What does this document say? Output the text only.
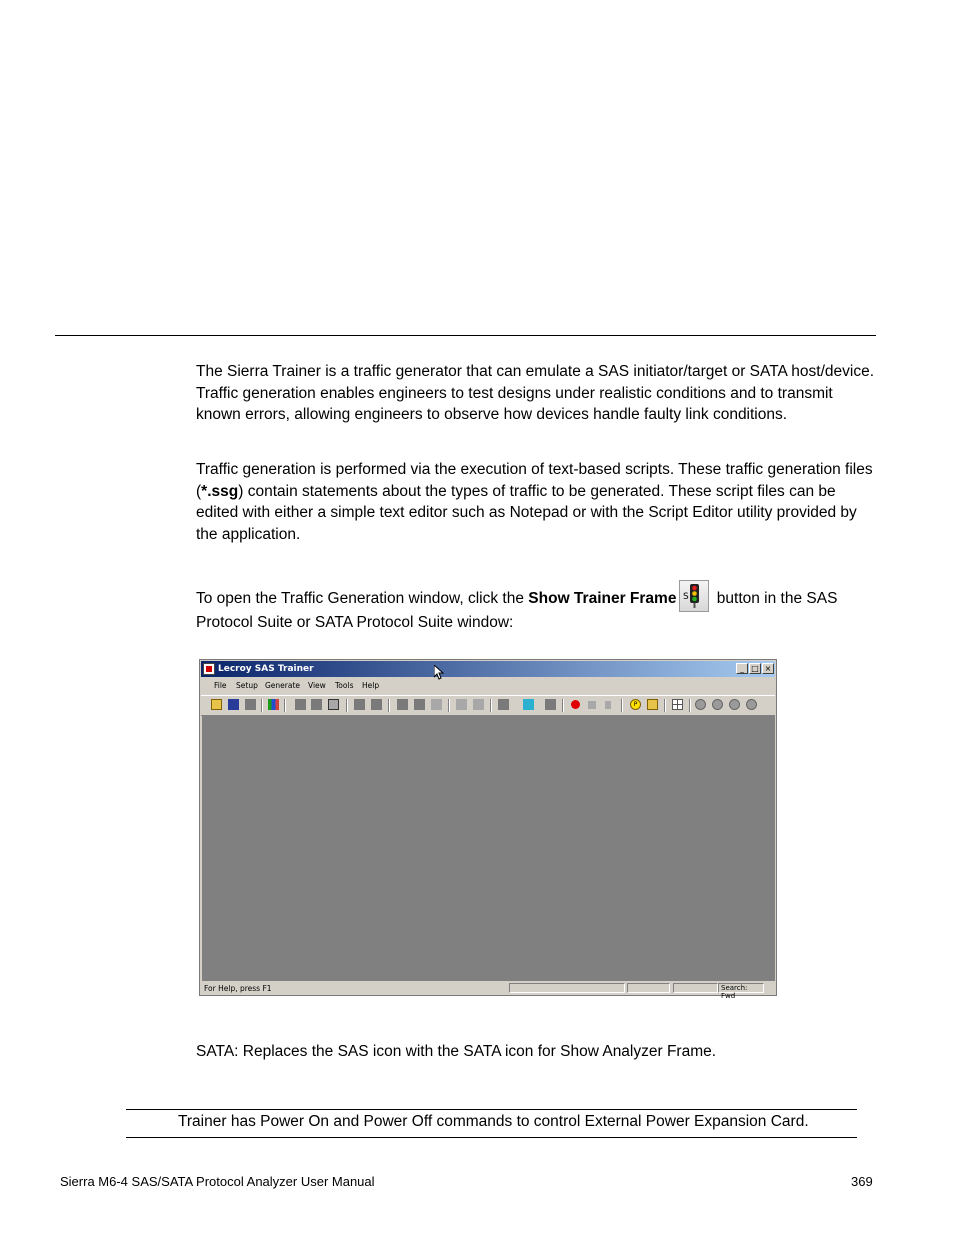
The Sierra Trainer is a traffic generator that can emulate a SAS initiator/target or SATA host/device. Traffic generation enables engineers to test designs under realistic conditions and to transmit known errors, allowing engineers to observe how devices handle faulty link conditions.

Traffic generation is performed via the execution of text-based scripts. These traffic generation files (*.ssg) contain statements about the types of traffic to be generated. These script files can be edited with either a simple text editor such as Notepad or with the Script Editor utility provided by the application.

To open the Traffic Generation window, click the Show Trainer Frame S button in the SAS Protocol Suite or SATA Protocol Suite window:

Lecroy SAS Trainer	_ □ ×
File Setup Generate View Tools Help
P
For Help, press F1	Search: Fwd

SATA: Replaces the SAS icon with the SATA icon for Show Analyzer Frame.

Trainer has Power On and Power Off commands to control External Power Expansion Card.
Sierra M6-4 SAS/SATA Protocol Analyzer User Manual	369
